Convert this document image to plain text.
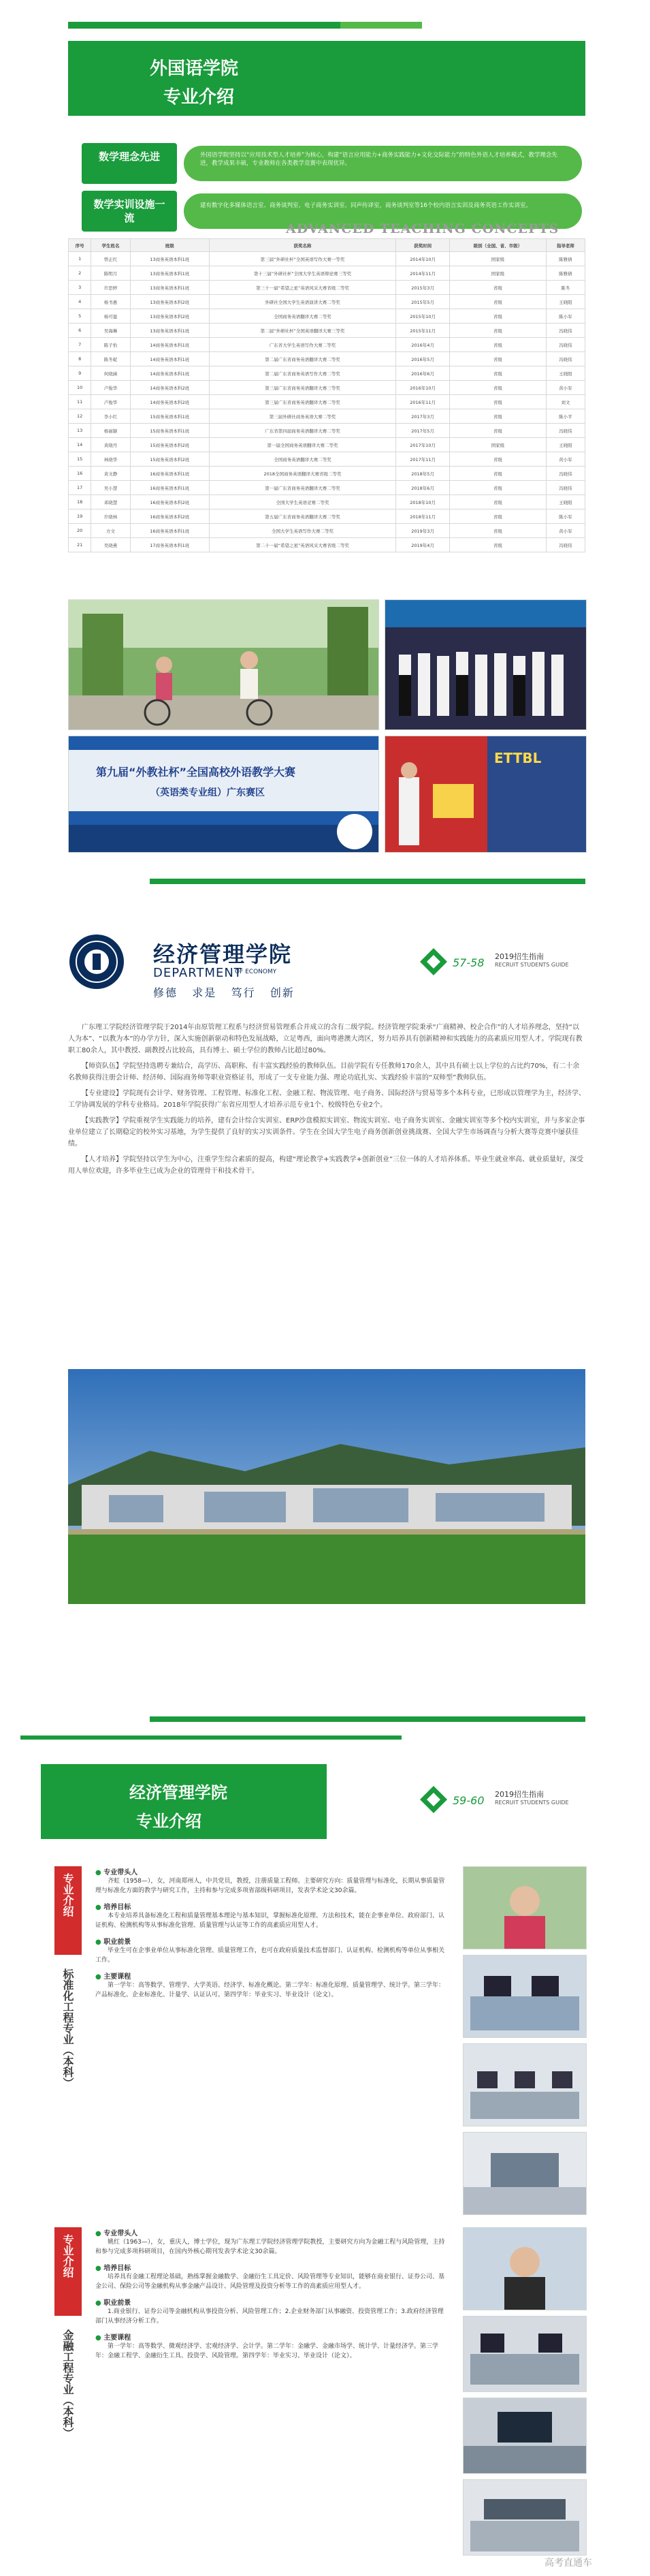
外国语学院
专业介绍
数学理念先进	外国语学院坚持以“应用技术型人才培养”为核心，构建“语言应用能力+商务实践能力+文化交际能力”的特色外语人才培养模式，教学理念先进，教学成果丰硕，专业教师在各类教学竞赛中表现优异。
数学实训设施一流
建有数字化多媒体语言室、商务谈判室、电子商务实训室、同声传译室，商务谈判室等16个校内语言实训及商务英语工作实训室。
ADVANCED TEACHING CONCEPTS
序号	学生姓名	班级	获奖名称	获奖时间	级别（全国、省、市级）	指导老师
1	曾正红	13商务英语本科1班	第三届“外研社杯”全国英语写作大赛一等奖	2014年10月	国家级	陈雅倩
2	陈明月	13商务英语本科1班	第十三届“外研社杯”全国大学生英语辩论赛三等奖	2014年11月	国家级	陈雅倩
3	许思婷	13商务英语本科1班	第三十一届“希望之星”英语风采大赛省级二等奖	2015年3月	省级	陈冬
4	杨书惠	13商务英语本科2班	外研社全国大学生英语演讲大赛二等奖	2015年5月	省级	王晓阳
5	杨可盈	13商务英语本科2班	全国商务英语翻译大赛二等奖	2015年10月	省级	陈小军
6	吴海琳	13商务英语本科1班	第二届“外研社杯”全国英语翻译大赛三等奖	2015年11月	省级	冯晓伟
7	陈子怡	14商务英语本科1班	广东省大学生英语写作大赛二等奖	2016年4月	省级	冯晓伟
8	陈冬妮	14商务英语本科1班	第二届广东省商务英语翻译大赛二等奖	2016年5月	省级	冯晓伟
9	何晓涵	14商务英语本科1班	第二届广东省商务英语写作大赛二等奖	2016年6月	省级	王晓阳
10	卢俊华	14商务英语本科2班	第三届广东省商务英语翻译大赛三等奖	2016年10月	省级	黄小军
11	卢俊华	14商务英语本科2班	第三届广东省商务英语翻译大赛二等奖	2016年11月	省级	刘文
12	李小红	15商务英语本科1班	第三届外研社商务英语大赛二等奖	2017年3月	省级	陈小平
13	杨丽颖	15商务英语本科1班	广东省第四届商务英语翻译大赛二等奖	2017年5月	省级	冯晓伟
14	黄晓丹	15商务英语本科2班	第一届全国商务英语翻译大赛二等奖	2017年10月	国家级	王晓阳
15	林晓华	15商务英语本科2班	全国商务英语翻译大赛二等奖	2017年11月	省级	黄小军
16	黄文静	16商务英语本科1班	2018全国商务英语翻译大赛省级二等奖	2018年5月	省级	冯晓伟
17	吴小慧	16商务英语本科1班	第一届广东省商务英语翻译大赛二等奖	2018年6月	省级	冯晓伟
18	邓晓慧	16商务英语本科2班	全国大学生英语竞赛二等奖	2018年10月	省级	王晓阳
19	许晓林	16商务英语本科2班	第五届广东省商务英语翻译大赛二等奖	2018年11月	省级	陈小军
20	方文	16商务英语本科1班	全国大学生英语写作大赛二等奖	2019年3月	省级	黄小军
21	吴晓燕	17商务英语本科1班	第二十一届“希望之星”英语风采大赛省级二等奖	2019年4月	省级	冯晓伟
第九届“外教社杯”全国高校外语教学大赛
（英语类专业组）广东赛区
ETTBL
经济管理学院
DEPARTMENT
OF ECONOMY
修德 求是 笃行 创新
57-58 2019招生指南
RECRUIT STUDENTS GUIDE

广东理工学院经济管理学院于2014年由原管理工程系与经济贸易管理系合并成立的含有二级学院。经济管理学院秉承“广商精神、校企合作”的人才培养理念，坚持“以人为本”、“以教为本”的办学方针，深入实施创新驱动和特色发展战略，立足粤西，面向粤港澳大湾区，努力培养具有创新精神和实践能力的高素质应用型人才。学院现有教职工80余人，其中教授、副教授占比较高，具有博士、硕士学位的教师占比超过80%。

【师资队伍】学院坚持选聘专兼结合，高学历、高职称、有丰富实践经验的教师队伍。目前学院有专任教师170余人，其中具有硕士以上学位的占比约70%，有二十余名教师获得注册会计师、经济师、国际商务师等职业资格证书，形成了一支专业能力强、理论功底扎实、实践经验丰富的“双师型”教师队伍。

【专业建设】学院现有会计学、财务管理、工程管理、标准化工程、金融工程、物流管理、电子商务、国际经济与贸易等多个本科专业，已形成以管理学为主，经济学、工学协调发展的学科专业格局。2018年学院获得广东省应用型人才培养示范专业1个、校级特色专业2个。

【实践教学】学院重视学生实践能力的培养，建有会计综合实训室、ERP沙盘模拟实训室、物流实训室、电子商务实训室、金融实训室等多个校内实训室，并与多家企事业单位建立了长期稳定的校外实习基地，为学生提供了良好的实习实训条件。学生在全国大学生电子商务创新创业挑战赛、全国大学生市场调查与分析大赛等竞赛中屡获佳绩。

【人才培养】学院坚持以学生为中心，注重学生综合素质的提高，构建“理论教学+实践教学+创新创业”三位一体的人才培养体系。毕业生就业率高、就业质量好，深受用人单位欢迎，许多毕业生已成为企业的管理骨干和技术骨干。

经济管理学院
专业介绍
59-60 2019招生指南
RECRUIT STUDENTS GUIDE
专业介绍
标准化工程专业（本科）
● 专业带头人
齐虹（1958—），女，河南郑州人，中共党员，教授，注册质量工程师。主要研究方向：质量管理与标准化，长期从事质量管理与标准化方面的教学与研究工作，主持和参与完成多项省部级科研项目，发表学术论文30余篇。
● 培养目标
本专业培养具备标准化工程和质量管理基本理论与基本知识，掌握标准化原理、方法和技术，能在企事业单位、政府部门、认证机构、检测机构等从事标准化管理、质量管理与认证等工作的高素质应用型人才。
● 职业前景
毕业生可在企事业单位从事标准化管理、质量管理工作，也可在政府质量技术监督部门、认证机构、检测机构等单位从事相关工作。
● 主要课程
第一学年：高等数学、管理学、大学英语、经济学、标准化概论。第二学年：标准化原理、质量管理学、统计学。第三学年：产品标准化、企业标准化、计量学、认证认可。第四学年：毕业实习、毕业设计（论文）。
专业介绍
金融工程专业（本科）
● 专业带头人
姚红（1963—），女，重庆人，博士学位，现为广东理工学院经济管理学院教授，主要研究方向为金融工程与风险管理，主持和参与完成多项科研项目，在国内外核心期刊发表学术论文30余篇。
● 培养目标
培养具有金融工程理论基础，熟练掌握金融数学、金融衍生工具定价、风险管理等专业知识，能够在商业银行、证券公司、基金公司、保险公司等金融机构从事金融产品设计、风险管理及投资分析等工作的高素质应用型人才。
● 职业前景
1.商业银行、证券公司等金融机构从事投资分析、风险管理工作；2.企业财务部门从事融资、投资管理工作；3.政府经济管理部门从事经济分析工作。
● 主要课程
第一学年：高等数学、微观经济学、宏观经济学、会计学。第二学年：金融学、金融市场学、统计学、计量经济学。第三学年：金融工程学、金融衍生工具、投资学、风险管理。第四学年：毕业实习、毕业设计（论文）。
高考直通车
